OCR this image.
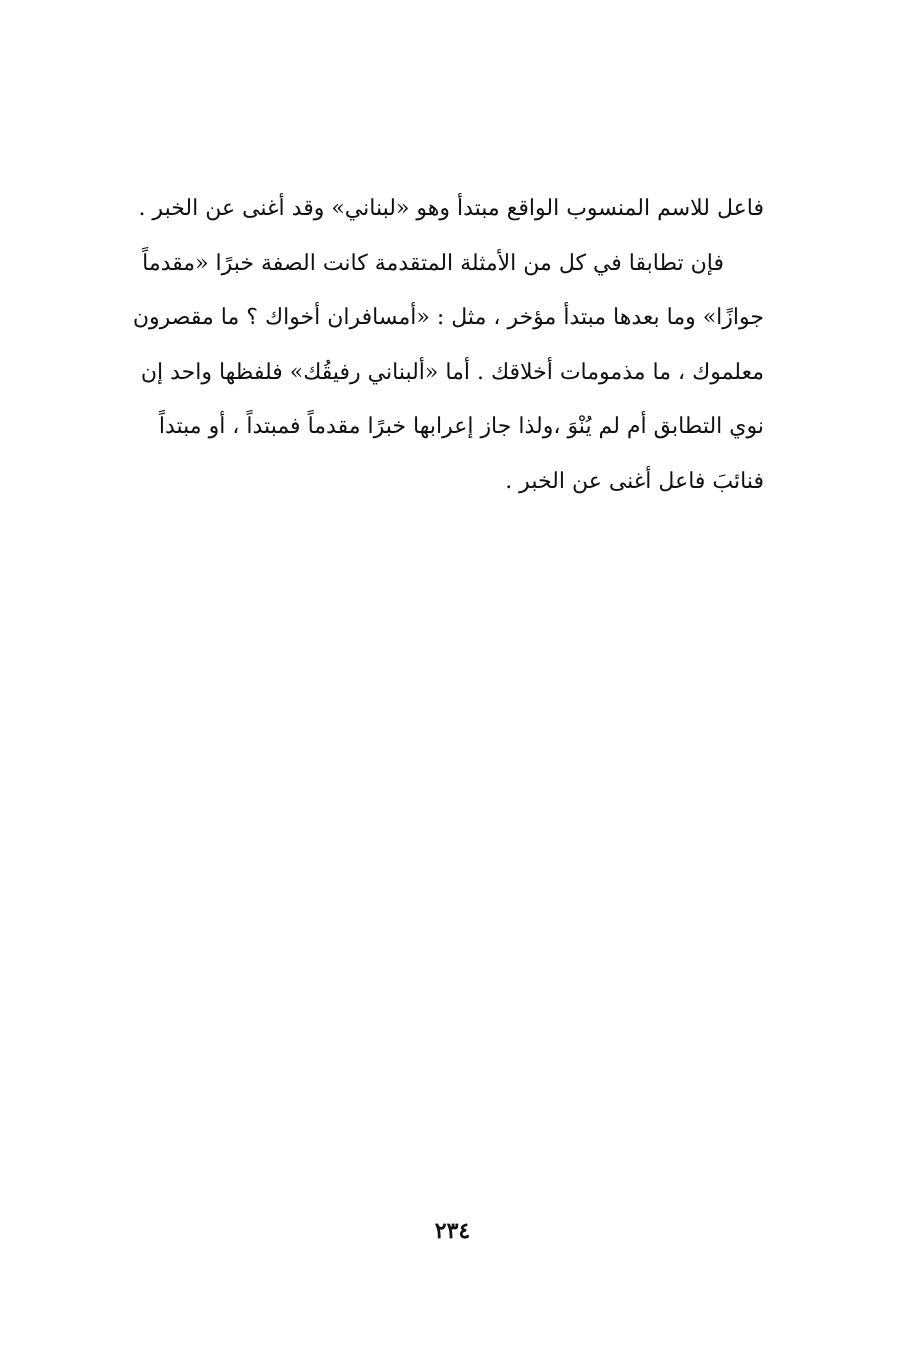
فاعل للاسم المنسوب الواقع مبتدأ وهو «لبناني» وقد أغنى عن الخبر .
فإن تطابقا في كل من الأمثلة المتقدمة كانت الصفة خبرًا «مقدماً
جوازًا» وما بعدها مبتدأ مؤخر ، مثل : «أمسافران أخواك ؟ ما مقصرون
معلموك ، ما مذمومات أخلاقك . أما «ألبناني رفيقُك» فلفظها واحد إن
نوي التطابق أم لم يُنْوَ ،ولذا جاز إعرابها خبرًا مقدماً فمبتداً ، أو مبتداً
فنائبَ فاعل أغنى عن الخبر .
٢٣٤
